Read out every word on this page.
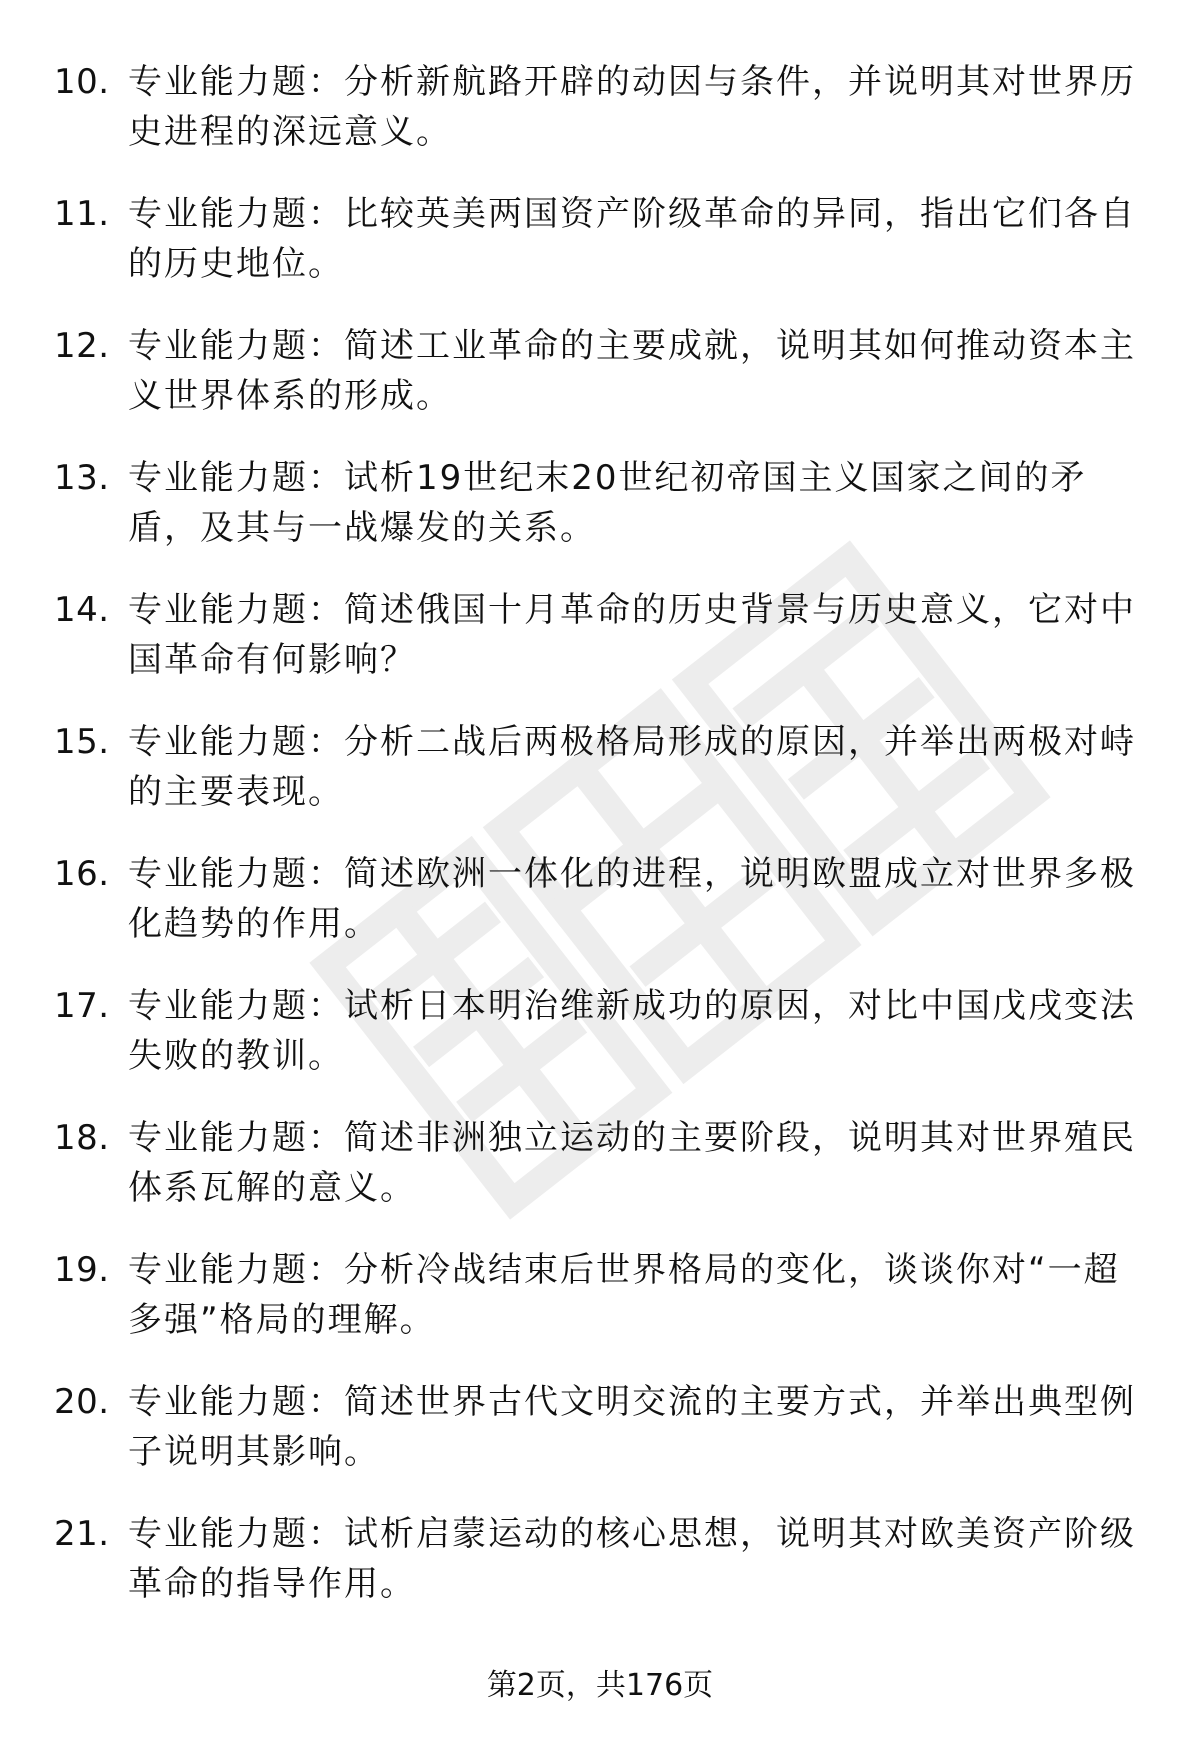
10. 专业能力题：分析新航路开辟的动因与条件，并说明其对世界历史进程的深远意义。

11. 专业能力题：比较英美两国资产阶级革命的异同，指出它们各自的历史地位。

12. 专业能力题：简述工业革命的主要成就，说明其如何推动资本主义世界体系的形成。

13. 专业能力题：试析19世纪末20世纪初帝国主义国家之间的矛盾，及其与一战爆发的关系。

14. 专业能力题：简述俄国十月革命的历史背景与历史意义，它对中国革命有何影响？

15. 专业能力题：分析二战后两极格局形成的原因，并举出两极对峙的主要表现。

16. 专业能力题：简述欧洲一体化的进程，说明欧盟成立对世界多极化趋势的作用。

17. 专业能力题：试析日本明治维新成功的原因，对比中国戊戌变法失败的教训。

18. 专业能力题：简述非洲独立运动的主要阶段，说明其对世界殖民体系瓦解的意义。

19. 专业能力题：分析冷战结束后世界格局的变化，谈谈你对“一超多强”格局的理解。

20. 专业能力题：简述世界古代文明交流的主要方式，并举出典型例子说明其影响。

21. 专业能力题：试析启蒙运动的核心思想，说明其对欧美资产阶级革命的指导作用。

第2页，共176页
